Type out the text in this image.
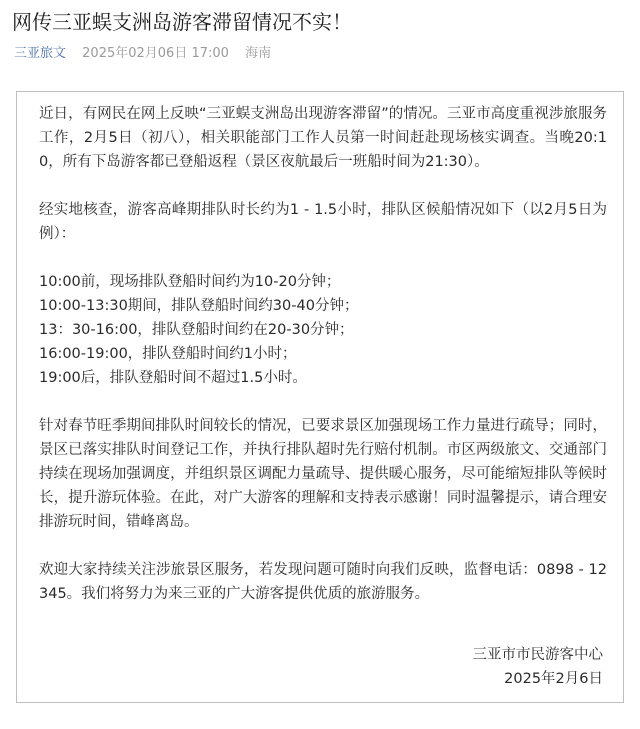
网传三亚蜈支洲岛游客滞留情况不实！
三亚旅文 2025年02月06日 17:00 海南

近日，有网民在网上反映“三亚蜈支洲岛出现游客滞留”的情况。三亚市高度重视涉旅服务工作，2月5日（初八），相关职能部门工作人员第一时间赶赴现场核实调查。当晚20:10，所有下岛游客都已登船返程（景区夜航最后一班船时间为21:30）。

经实地核查，游客高峰期排队时长约为1 - 1.5小时，排队区候船情况如下（以2月5日为例）：

10:00前，现场排队登船时间约为10-20分钟；
10:00-13:30期间，排队登船时间约30-40分钟；
13：30-16:00，排队登船时间约在20-30分钟；
16:00-19:00，排队登船时间约1小时；
19:00后，排队登船时间不超过1.5小时。

针对春节旺季期间排队时间较长的情况，已要求景区加强现场工作力量进行疏导；同时，景区已落实排队时间登记工作，并执行排队超时先行赔付机制。市区两级旅文、交通部门持续在现场加强调度，并组织景区调配力量疏导、提供暖心服务，尽可能缩短排队等候时长，提升游玩体验。在此，对广大游客的理解和支持表示感谢！同时温馨提示，请合理安排游玩时间，错峰离岛。

欢迎大家持续关注涉旅景区服务，若发现问题可随时向我们反映，监督电话：0898 - 12345。我们将努力为来三亚的广大游客提供优质的旅游服务。

三亚市市民游客中心
2025年2月6日
